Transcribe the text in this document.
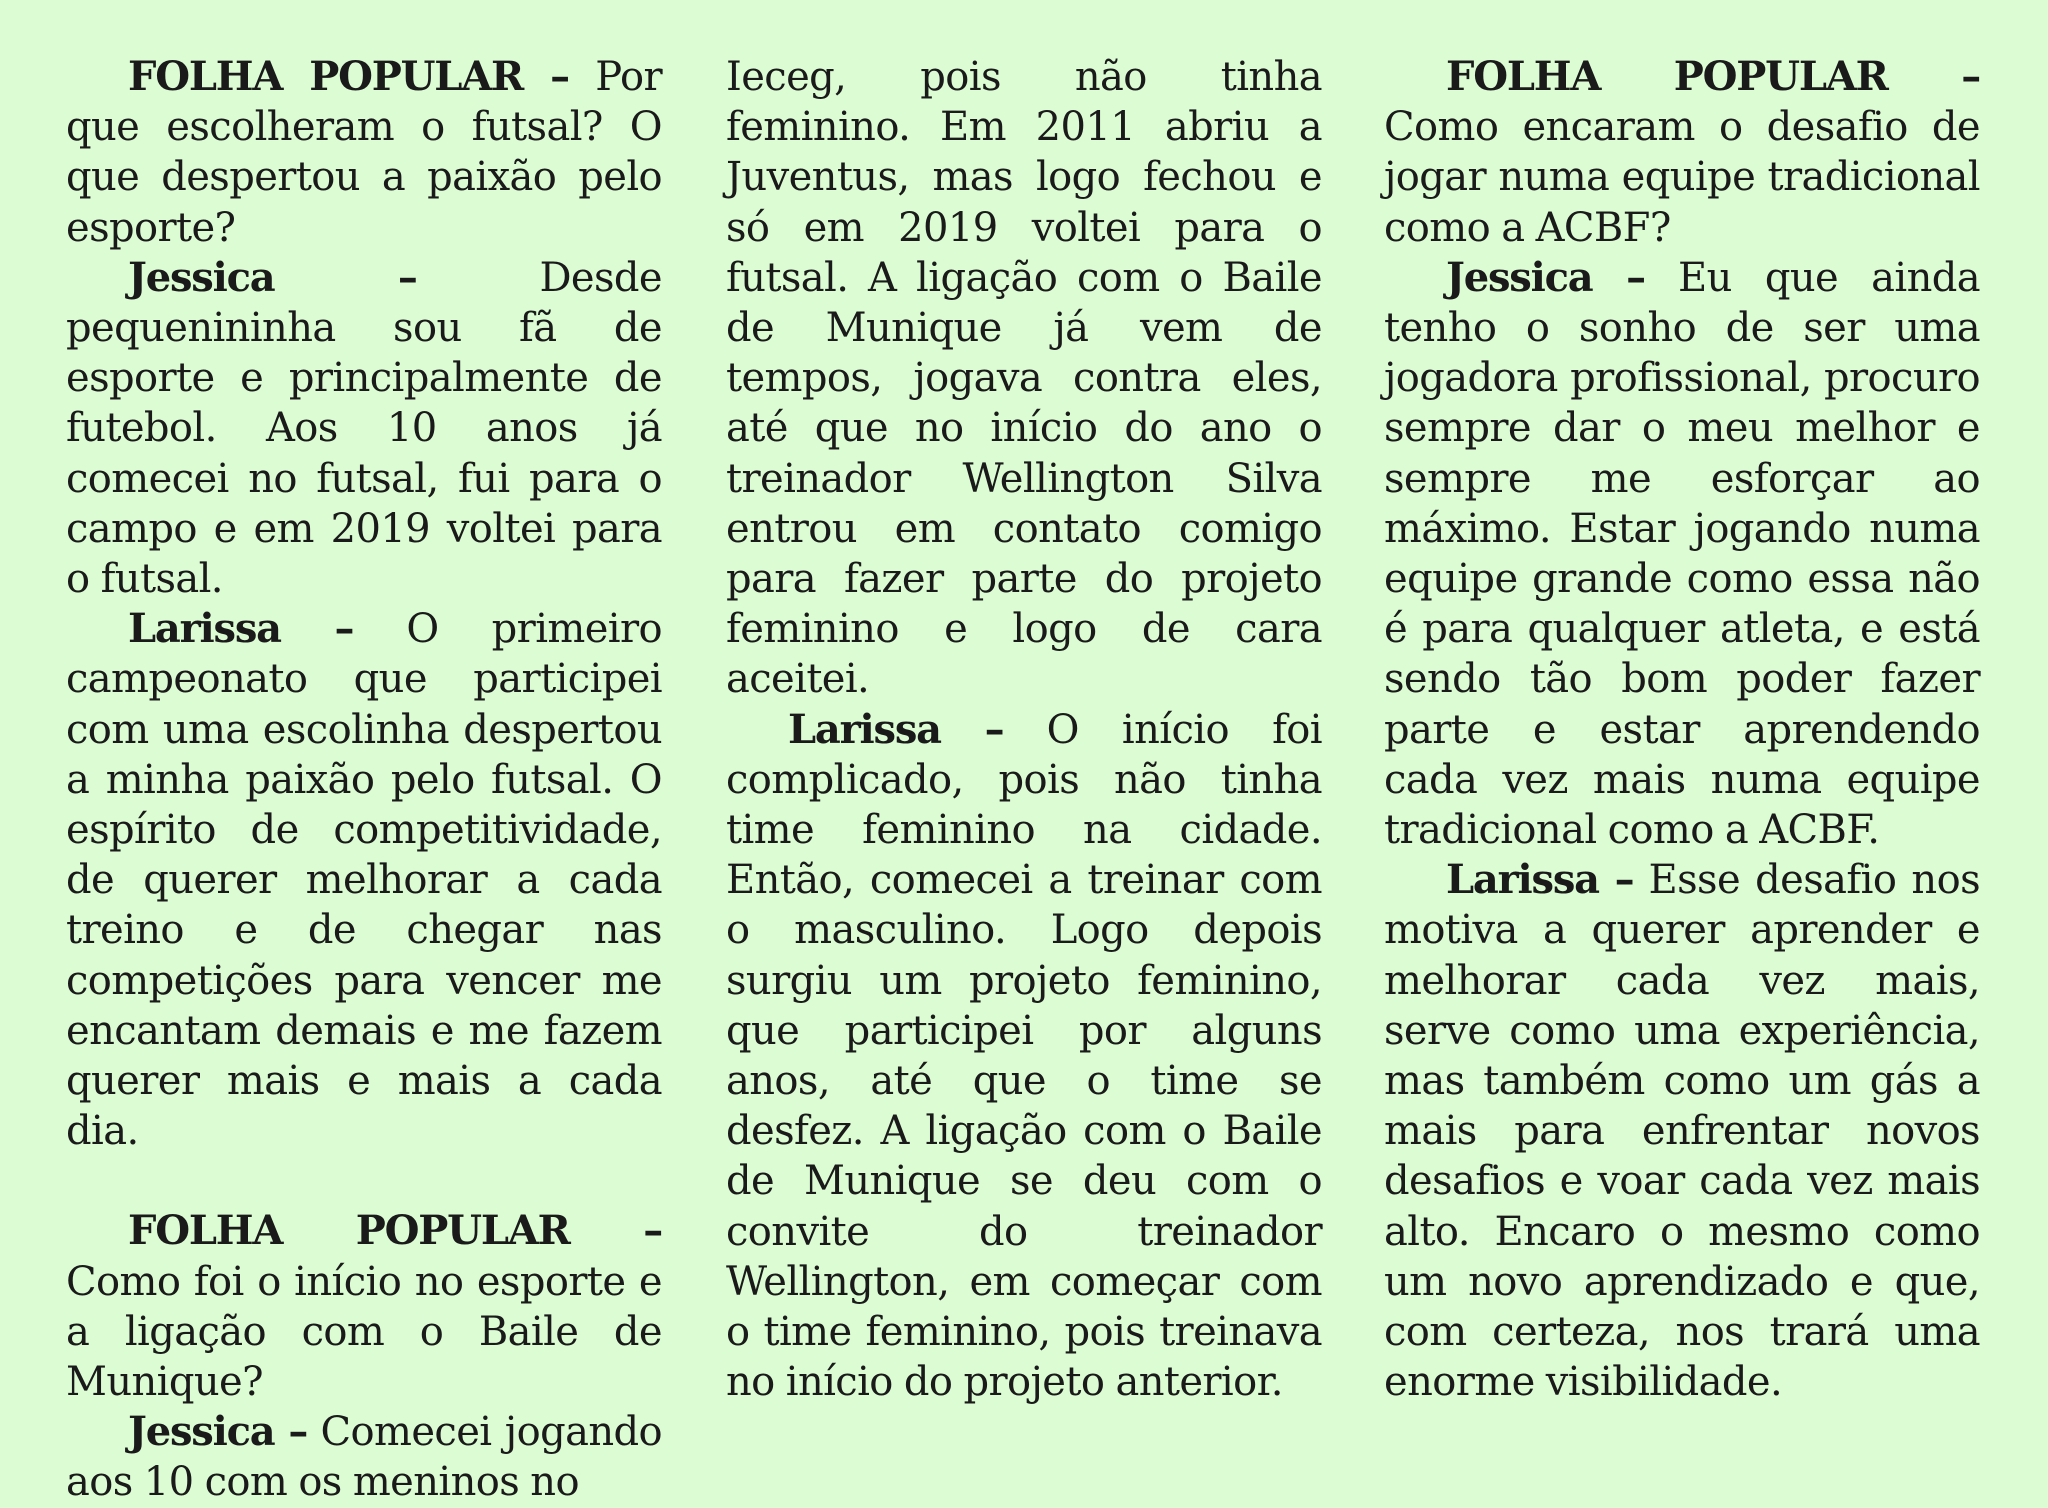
FOLHA POPULAR – Por que escolheram o futsal? O que despertou a paixão pelo esporte?

Jessica – Desde pequenininha sou fã de esporte e principalmente de futebol. Aos 10 anos já comecei no futsal, fui para o campo e em 2019 voltei para o futsal.

Larissa – O primeiro campeonato que participei com uma escolinha despertou a minha paixão pelo futsal. O espírito de competitividade, de querer melhorar a cada treino e de chegar nas competições para vencer me encantam demais e me fazem querer mais e mais a cada dia.

FOLHA POPULAR – Como foi o início no esporte e a ligação com o Baile de Munique?

Jessica – Comecei jogando aos 10 com os meninos no

Ieceg, pois não tinha feminino. Em 2011 abriu a Juventus, mas logo fechou e só em 2019 voltei para o futsal. A ligação com o Baile de Munique já vem de tempos, jogava contra eles, até que no início do ano o treinador Wellington Silva entrou em contato comigo para fazer parte do projeto feminino e logo de cara aceitei.

Larissa – O início foi complicado, pois não tinha time feminino na cidade. Então, comecei a treinar com o masculino. Logo depois surgiu um projeto feminino, que participei por alguns anos, até que o time se desfez. A ligação com o Baile de Munique se deu com o convite do treinador Wellington, em começar com o time feminino, pois treinava no início do projeto anterior.

FOLHA POPULAR – Como encaram o desafio de jogar numa equipe tradicional como a ACBF?

Jessica – Eu que ainda tenho o sonho de ser uma jogadora profissional, procuro sempre dar o meu melhor e sempre me esforçar ao máximo. Estar jogando numa equipe grande como essa não é para qualquer atleta, e está sendo tão bom poder fazer parte e estar aprendendo cada vez mais numa equipe tradicional como a ACBF.

Larissa – Esse desafio nos motiva a querer aprender e melhorar cada vez mais, serve como uma experiência, mas também como um gás a mais para enfrentar novos desafios e voar cada vez mais alto. Encaro o mesmo como um novo aprendizado e que, com certeza, nos trará uma enorme visibilidade.
